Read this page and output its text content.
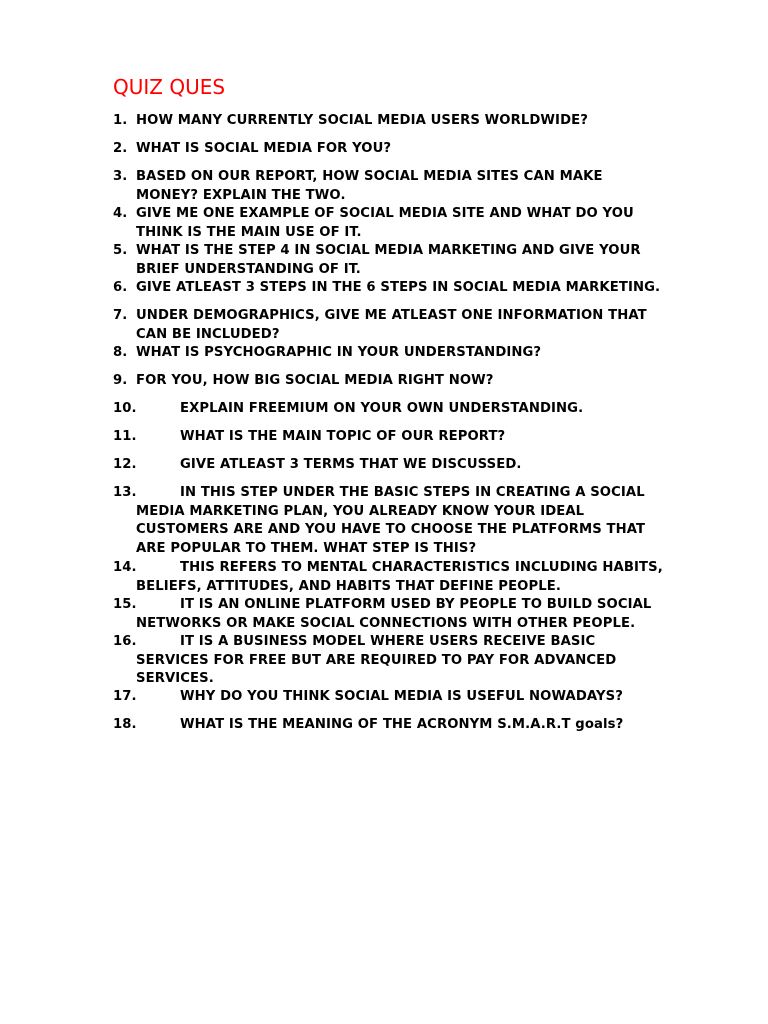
QUIZ QUES
1. HOW MANY CURRENTLY SOCIAL MEDIA USERS WORLDWIDE?
2. WHAT IS SOCIAL MEDIA FOR YOU?
3. BASED ON OUR REPORT, HOW SOCIAL MEDIA SITES CAN MAKE
MONEY? EXPLAIN THE TWO.
4. GIVE ME ONE EXAMPLE OF SOCIAL MEDIA SITE AND WHAT DO YOU
THINK IS THE MAIN USE OF IT.
5. WHAT IS THE STEP 4 IN SOCIAL MEDIA MARKETING AND GIVE YOUR
BRIEF UNDERSTANDING OF IT.
6. GIVE ATLEAST 3 STEPS IN THE 6 STEPS IN SOCIAL MEDIA MARKETING.
7. UNDER DEMOGRAPHICS, GIVE ME ATLEAST ONE INFORMATION THAT
CAN BE INCLUDED?
8. WHAT IS PSYCHOGRAPHIC IN YOUR UNDERSTANDING?
9. FOR YOU, HOW BIG SOCIAL MEDIA RIGHT NOW?
10.	EXPLAIN FREEMIUM ON YOUR OWN UNDERSTANDING.
11.	WHAT IS THE MAIN TOPIC OF OUR REPORT?
12.	GIVE ATLEAST 3 TERMS THAT WE DISCUSSED.
13.	IN THIS STEP UNDER THE BASIC STEPS IN CREATING A SOCIAL
MEDIA MARKETING PLAN, YOU ALREADY KNOW YOUR IDEAL
CUSTOMERS ARE AND YOU HAVE TO CHOOSE THE PLATFORMS THAT
ARE POPULAR TO THEM. WHAT STEP IS THIS?
14.	THIS REFERS TO MENTAL CHARACTERISTICS INCLUDING HABITS,
BELIEFS, ATTITUDES, AND HABITS THAT DEFINE PEOPLE.
15.	IT IS AN ONLINE PLATFORM USED BY PEOPLE TO BUILD SOCIAL
NETWORKS OR MAKE SOCIAL CONNECTIONS WITH OTHER PEOPLE.
16.	IT IS A BUSINESS MODEL WHERE USERS RECEIVE BASIC
SERVICES FOR FREE BUT ARE REQUIRED TO PAY FOR ADVANCED
SERVICES.
17.	WHY DO YOU THINK SOCIAL MEDIA IS USEFUL NOWADAYS?
18.	WHAT IS THE MEANING OF THE ACRONYM S.M.A.R.T goals?
